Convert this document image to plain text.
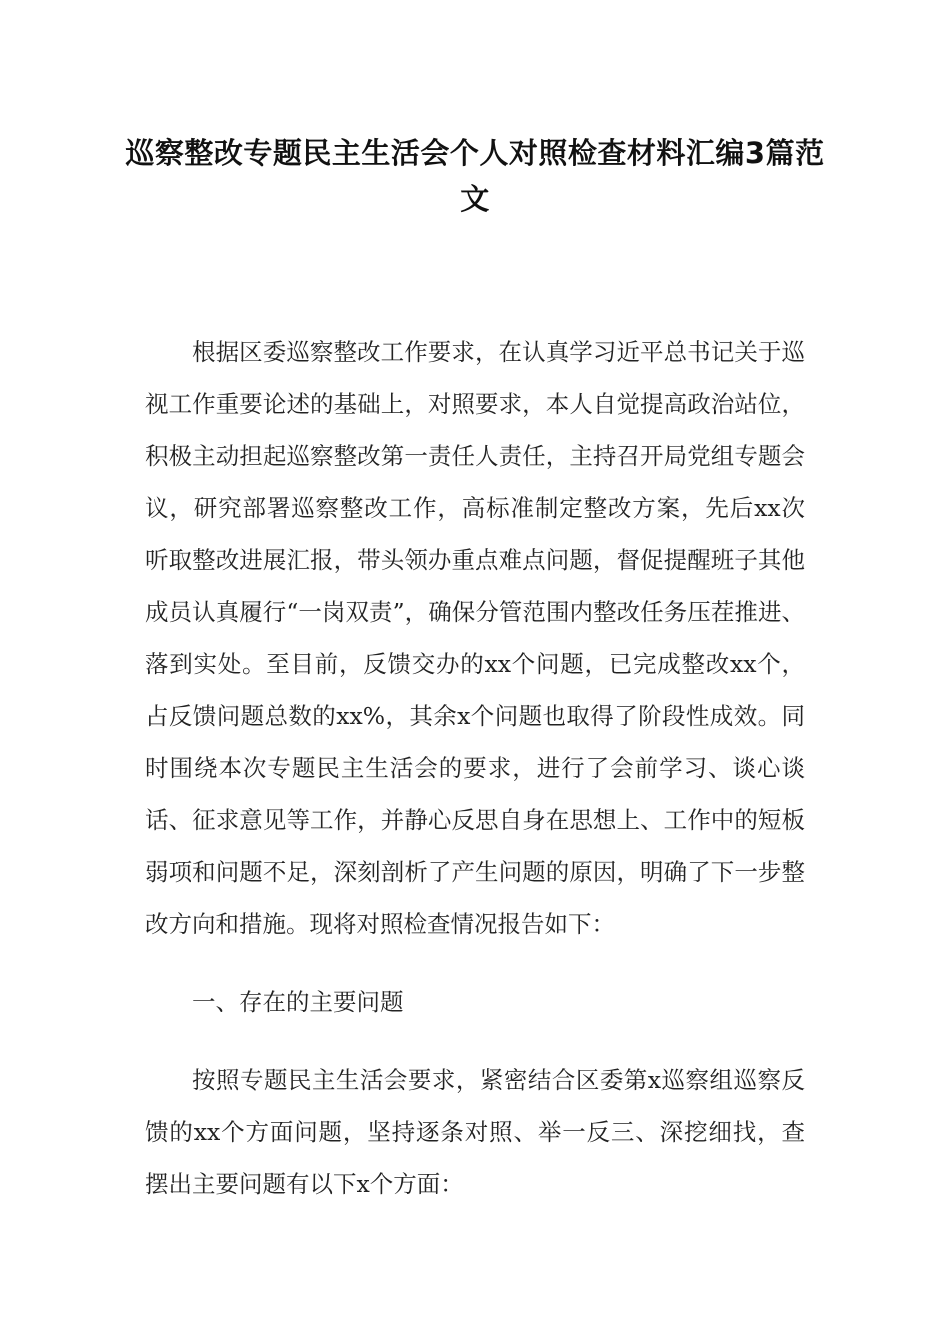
巡察整改专题民主生活会个人对照检查材料汇编3篇范文

根据区委巡察整改工作要求，在认真学习近平总书记关于巡视工作重要论述的基础上，对照要求，本人自觉提高政治站位，积极主动担起巡察整改第一责任人责任，主持召开局党组专题会议，研究部署巡察整改工作，高标准制定整改方案，先后xx次听取整改进展汇报，带头领办重点难点问题，督促提醒班子其他成员认真履行“一岗双责”，确保分管范围内整改任务压茬推进、落到实处。至目前，反馈交办的xx个问题，已完成整改xx个，占反馈问题总数的xx%，其余x个问题也取得了阶段性成效。同时围绕本次专题民主生活会的要求，进行了会前学习、谈心谈话、征求意见等工作，并静心反思自身在思想上、工作中的短板弱项和问题不足，深刻剖析了产生问题的原因，明确了下一步整改方向和措施。现将对照检查情况报告如下：

一、存在的主要问题

按照专题民主生活会要求，紧密结合区委第x巡察组巡察反馈的xx个方面问题，坚持逐条对照、举一反三、深挖细找，查摆出主要问题有以下x个方面：
